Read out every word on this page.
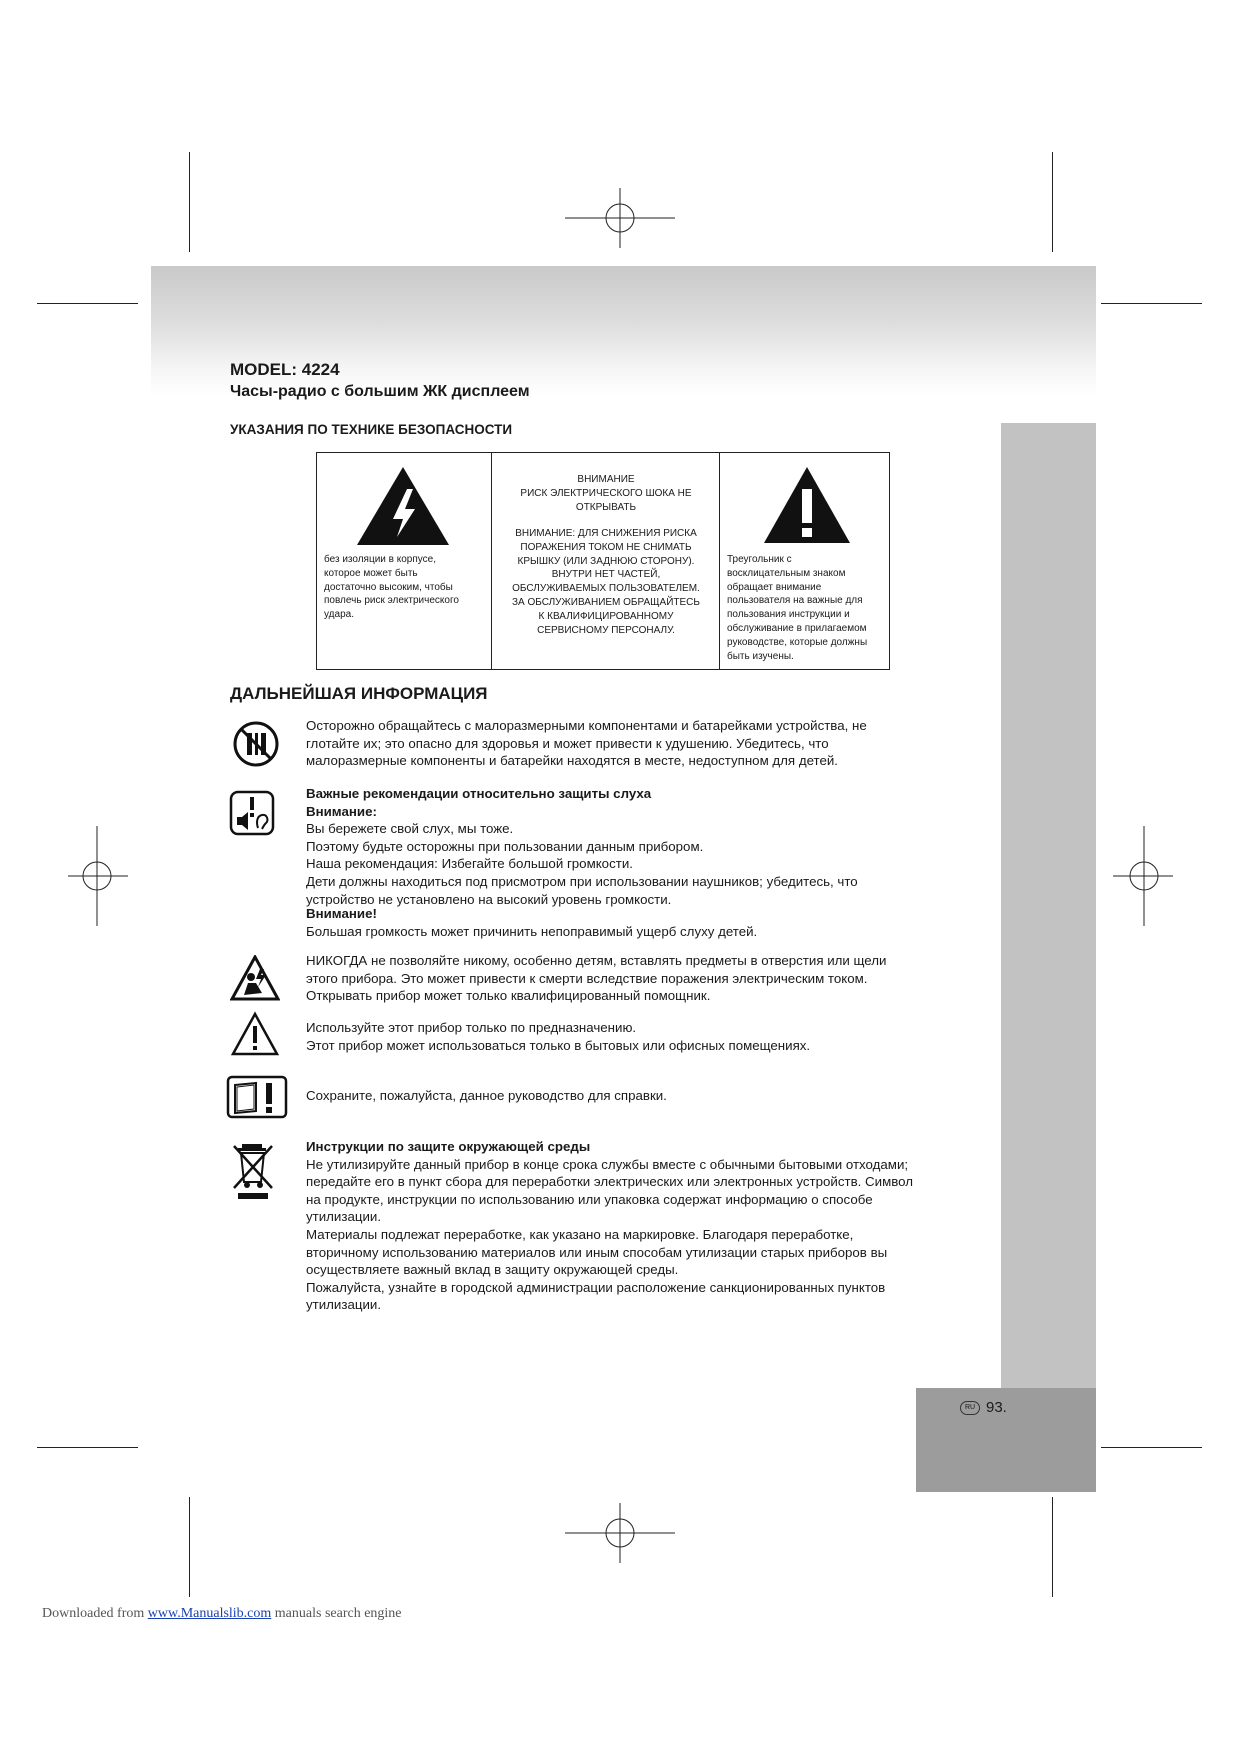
MODEL: 4224
Часы-радио с большим ЖК дисплеем
УКАЗАНИЯ ПО ТЕХНИКЕ БЕЗОПАСНОСТИ
без изоляции в корпусе,
которое может быть
достаточно высоким, чтобы
повлечь риск электрического
удара.
ВНИМАНИЕ
РИСК ЭЛЕКТРИЧЕСКОГО ШОКА НЕ
ОТКРЫВАТЬ
ВНИМАНИЕ: ДЛЯ СНИЖЕНИЯ РИСКА
ПОРАЖЕНИЯ ТОКОМ НЕ СНИМАТЬ
КРЫШКУ (ИЛИ ЗАДНЮЮ СТОРОНУ).
ВНУТРИ НЕТ ЧАСТЕЙ,
ОБСЛУЖИВАЕМЫХ ПОЛЬЗОВАТЕЛЕМ.
ЗА ОБСЛУЖИВАНИЕМ ОБРАЩАЙТЕСЬ
К КВАЛИФИЦИРОВАННОМУ
СЕРВИСНОМУ ПЕРСОНАЛУ.
Треугольник с
восклицательным знаком
обращает внимание
пользователя на важные для
пользования инструкции и
обслуживание в прилагаемом
руководстве, которые должны
быть изучены.
ДАЛЬНЕЙШАЯ ИНФОРМАЦИЯ

Осторожно обращайтесь с малоразмерными компонентами и батарейками устройства, не

глотайте их; это опасно для здоровья и может привести к удушению. Убедитесь, что

малоразмерные компоненты и батарейки находятся в месте, недоступном для детей.

Важные рекомендации относительно защиты слуха

Внимание:

Вы бережете свой слух, мы тоже.

Поэтому будьте осторожны при пользовании данным прибором.

Наша рекомендация: Избегайте большой громкости.

Дети должны находиться под присмотром при использовании наушников; убедитесь, что

устройство не установлено на высокий уровень громкости.

Внимание!

Большая громкость может причинить непоправимый ущерб слуху детей.

НИКОГДА не позволяйте никому, особенно детям, вставлять предметы в отверстия или щели

этого прибора. Это может привести к смерти вследствие поражения электрическим током.

Открывать прибор может только квалифицированный помощник.

Используйте этот прибор только по предназначению.

Этот прибор может использоваться только в бытовых или офисных помещениях.

Сохраните, пожалуйста, данное руководство для справки.

Инструкции по защите окружающей среды

Не утилизируйте данный прибор в конце срока службы вместе с обычными бытовыми отходами;

передайте его в пункт сбора для переработки электрических или электронных устройств. Символ

на продукте, инструкции по использованию или упаковка содержат информацию о способе

утилизации.

Материалы подлежат переработке, как указано на маркировке. Благодаря переработке,

вторичному использованию материалов или иным способам утилизации старых приборов вы

осуществляете важный вклад в защиту окружающей среды.

Пожалуйста, узнайте в городской администрации расположение санкционированных пунктов

утилизации.

RU 93.
Downloaded from www.Manualslib.com manuals search engine
